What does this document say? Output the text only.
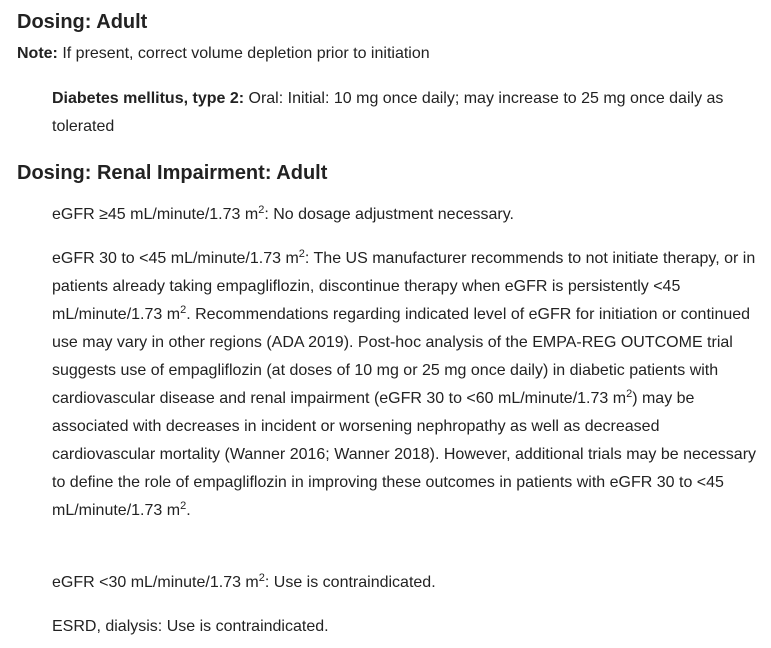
Dosing: Adult
Note: If present, correct volume depletion prior to initiation
Diabetes mellitus, type 2: Oral: Initial: 10 mg once daily; may increase to 25 mg once daily as tolerated
Dosing: Renal Impairment: Adult
eGFR ≥45 mL/minute/1.73 $m^2$: No dosage adjustment necessary.
eGFR 30 to <45 mL/minute/1.73 $m^2$: The US manufacturer recommends to not initiate therapy, or in patients already taking empagliflozin, discontinue therapy when eGFR is persistently <45 mL/minute/1.73 $m^2$. Recommendations regarding indicated level of eGFR for initiation or continued use may vary in other regions (ADA 2019). Post-hoc analysis of the EMPA-REG OUTCOME trial suggests use of empagliflozin (at doses of 10 mg or 25 mg once daily) in diabetic patients with cardiovascular disease and renal impairment (eGFR 30 to <60 mL/minute/1.73 $m^2$) may be associated with decreases in incident or worsening nephropathy as well as decreased cardiovascular mortality (Wanner 2016; Wanner 2018). However, additional trials may be necessary to define the role of empagliflozin in improving these outcomes in patients with eGFR 30 to <45 mL/minute/1.73 $m^2$.
eGFR <30 mL/minute/1.73 $m^2$: Use is contraindicated.
ESRD, dialysis: Use is contraindicated.
